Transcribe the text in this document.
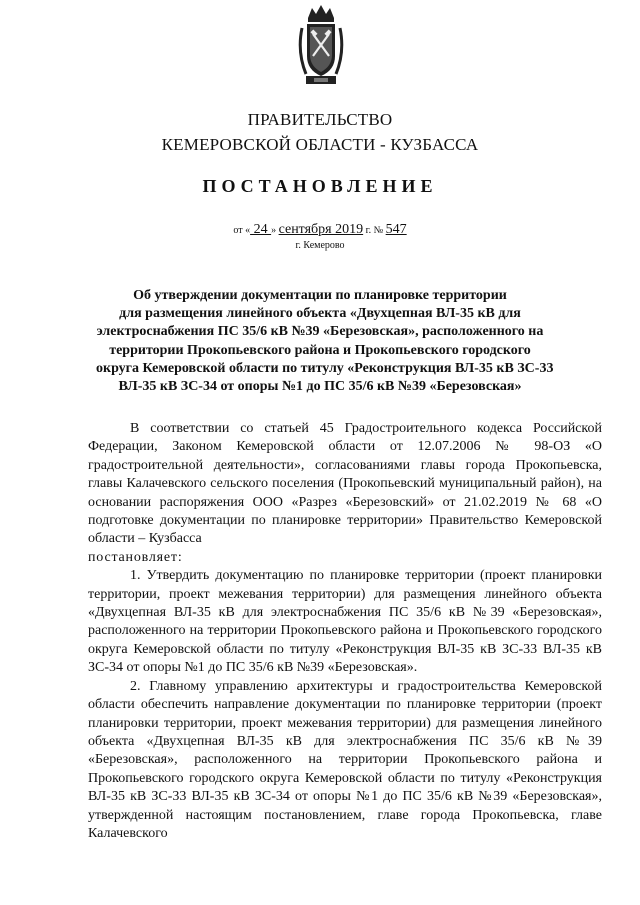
ПРАВИТЕЛЬСТВО
КЕМЕРОВСКОЙ ОБЛАСТИ - КУЗБАССА
ПОСТАНОВЛЕНИЕ
от « 24 » сентября 2019 г. № 547
г. Кемерово
Об утверждении документации по планировке территории
для размещения линейного объекта «Двухцепная ВЛ-35 кВ для
электроснабжения ПС 35/6 кВ №39 «Березовская», расположенного на
территории Прокопьевского района и Прокопьевского городского
округа Кемеровской области по титулу «Реконструкция ВЛ-35 кВ ЗС-33
ВЛ-35 кВ ЗС-34 от опоры №1 до ПС 35/6 кВ №39 «Березовская»

В соответствии со статьей 45 Градостроительного кодекса Российской Федерации, Законом Кемеровской области от 12.07.2006 № 98-ОЗ «О градостроительной деятельности», согласованиями главы города Прокопьевска, главы Калачевского сельского поселения (Прокопьевский муниципальный район), на основании распоряжения ООО «Разрез «Березовский» от 21.02.2019 № 68 «О подготовке документации по планировке территории» Правительство Кемеровской области – Кузбасса

постановляет:

1. Утвердить документацию по планировке территории (проект планировки территории, проект межевания территории) для размещения линейного объекта «Двухцепная ВЛ-35 кВ для электроснабжения ПС 35/6 кВ №39 «Березовская», расположенного на территории Прокопьевского района и Прокопьевского городского округа Кемеровской области по титулу «Реконструкция ВЛ-35 кВ ЗС-33 ВЛ-35 кВ ЗС-34 от опоры №1 до ПС 35/6 кВ №39 «Березовская».

2. Главному управлению архитектуры и градостроительства Кемеровской области обеспечить направление документации по планировке территории (проект планировки территории, проект межевания территории) для размещения линейного объекта «Двухцепная ВЛ-35 кВ для электроснабжения ПС 35/6 кВ №39 «Березовская», расположенного на территории Прокопьевского района и Прокопьевского городского округа Кемеровской области по титулу «Реконструкция ВЛ-35 кВ ЗС-33 ВЛ-35 кВ ЗС-34 от опоры №1 до ПС 35/6 кВ №39 «Березовская», утвержденной настоящим постановлением, главе города Прокопьевска, главе Калачевского
